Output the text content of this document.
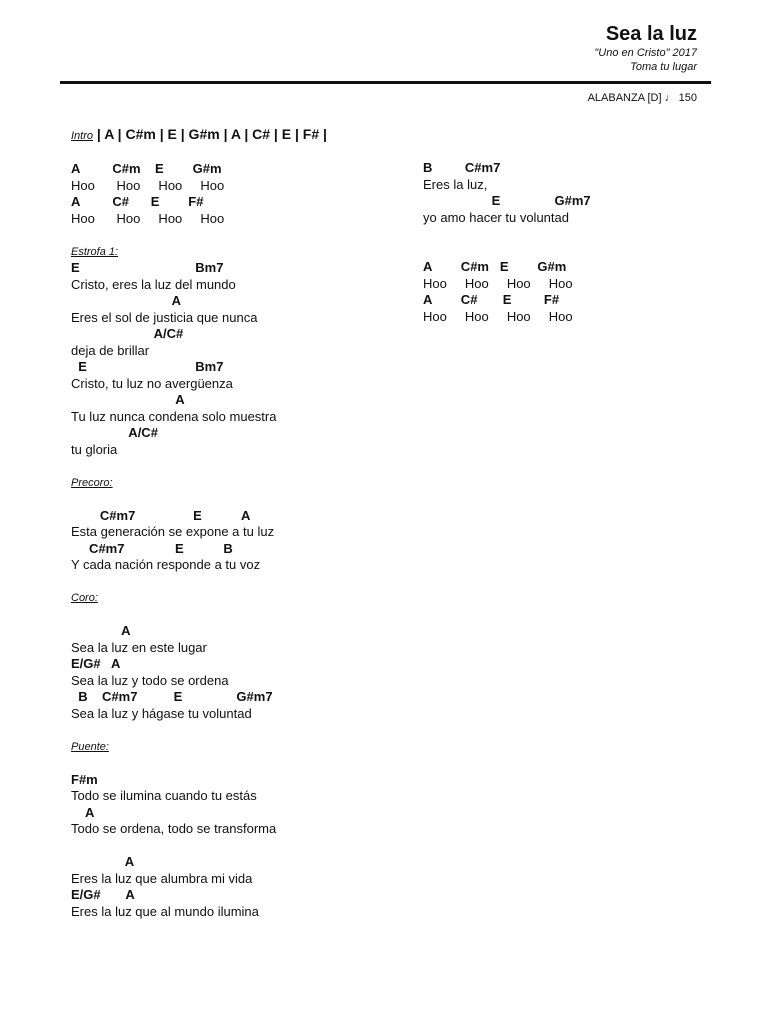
Sea la luz
"Uno en Cristo" 2017
Toma tu lugar
ALABANZA [D] ♩ 150
Intro | A | C#m | E | G#m | A | C# | E | F# |
A         C#m    E        G#m
Hoo      Hoo     Hoo     Hoo
A         C#      E        F#
Hoo      Hoo     Hoo     Hoo
Estrofa 1:
E                                Bm7
Cristo, eres la luz del mundo
A
Eres el sol de justicia que nunca
A/C#
deja de brillar
E                              Bm7
Cristo, tu luz no avergüenza
A
Tu luz nunca condena solo muestra
A/C#
tu gloria
Precoro:
C#m7                E           A
Esta generación se expone a tu luz
C#m7              E           B
Y cada nación responde a tu voz
Coro:
A
Sea la luz en este lugar
E/G#   A
Sea la luz y todo se ordena
B    C#m7          E               G#m7
Sea la luz y hágase tu voluntad
Puente:
F#m
Todo se ilumina cuando tu estás
A
Todo se ordena, todo se transforma
A
Eres la luz que alumbra mi vida
E/G#       A
Eres la luz que al mundo ilumina
B         C#m7
Eres la luz,
E               G#m7
yo amo hacer tu voluntad
A        C#m   E        G#m
Hoo     Hoo     Hoo     Hoo
A        C#       E         F#
Hoo     Hoo     Hoo     Hoo
